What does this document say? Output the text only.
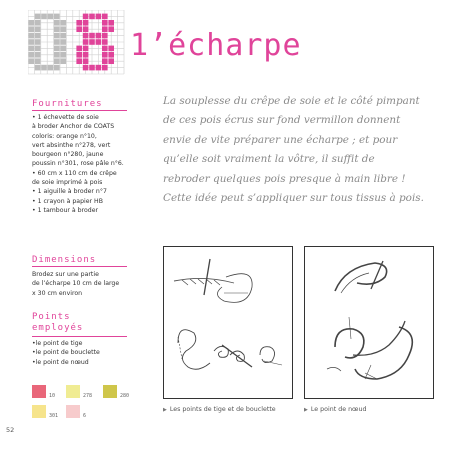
1’écharpe
Fournitures
• 1 échevette de soie
à broder Anchor de COATS
coloris: orange n°10,
vert absinthe n°278, vert
bourgeon n°280, jaune
poussin n°301, rose pâle n°6.
• 60 cm x 110 cm de crêpe
de soie imprimé à pois
• 1 aiguille à broder n°7
• 1 crayon à papier HB
• 1 tambour à broder
Dimensions
Brodez sur une partie
de l’écharpe 10 cm de large
x 30 cm environ
Points
employés
•le point de tige
•le point de bouclette
•le point de nœud
10	278	280
301	6
La souplesse du crêpe de soie et le côté pimpant
de ces pois écrus sur fond vermillon donnent
envie de vite préparer une écharpe ; et pour
qu’elle soit vraiment la vôtre, il suffit de
rebroder quelques pois presque à main libre !
Cette idée peut s’appliquer sur tous tissus à pois.
▶ Les points de tige et de bouclette	▶ Le point de nœud
52
